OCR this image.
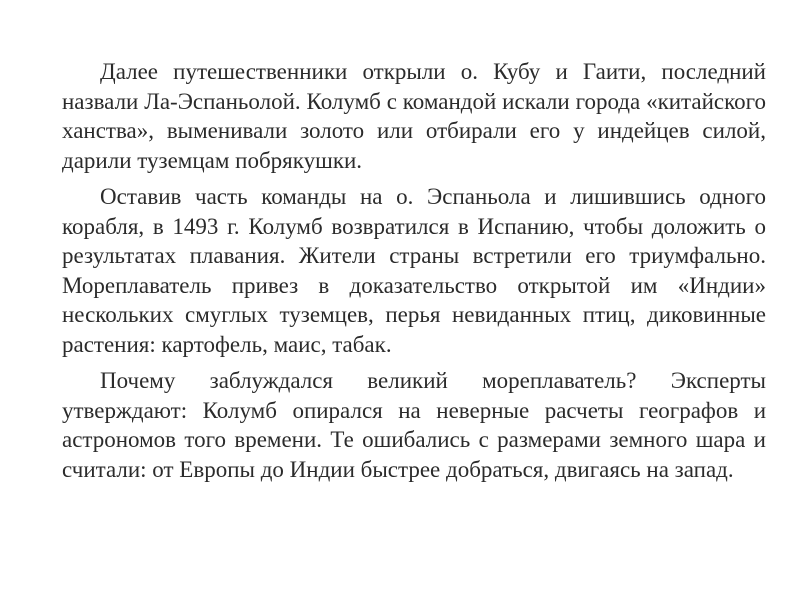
Далее путешественники открыли о. Кубу и Гаити, последний назвали Ла-Эспаньолой. Колумб с командой искали города «китайского ханства», выменивали золото или отбирали его у индейцев силой, дарили туземцам побрякушки.

Оставив часть команды на о. Эспаньола и лишившись одного корабля, в 1493 г. Колумб возвратился в Испанию, чтобы доложить о результатах плавания. Жители страны встретили его триумфально. Мореплаватель привез в доказательство открытой им «Индии» нескольких смуглых туземцев, перья невиданных птиц, диковинные растения: картофель, маис, табак.

Почему заблуждался великий мореплаватель? Эксперты утверждают: Колумб опирался на неверные расчеты географов и астрономов того времени. Те ошибались с размерами земного шара и считали: от Европы до Индии быстрее добраться, двигаясь на запад.
